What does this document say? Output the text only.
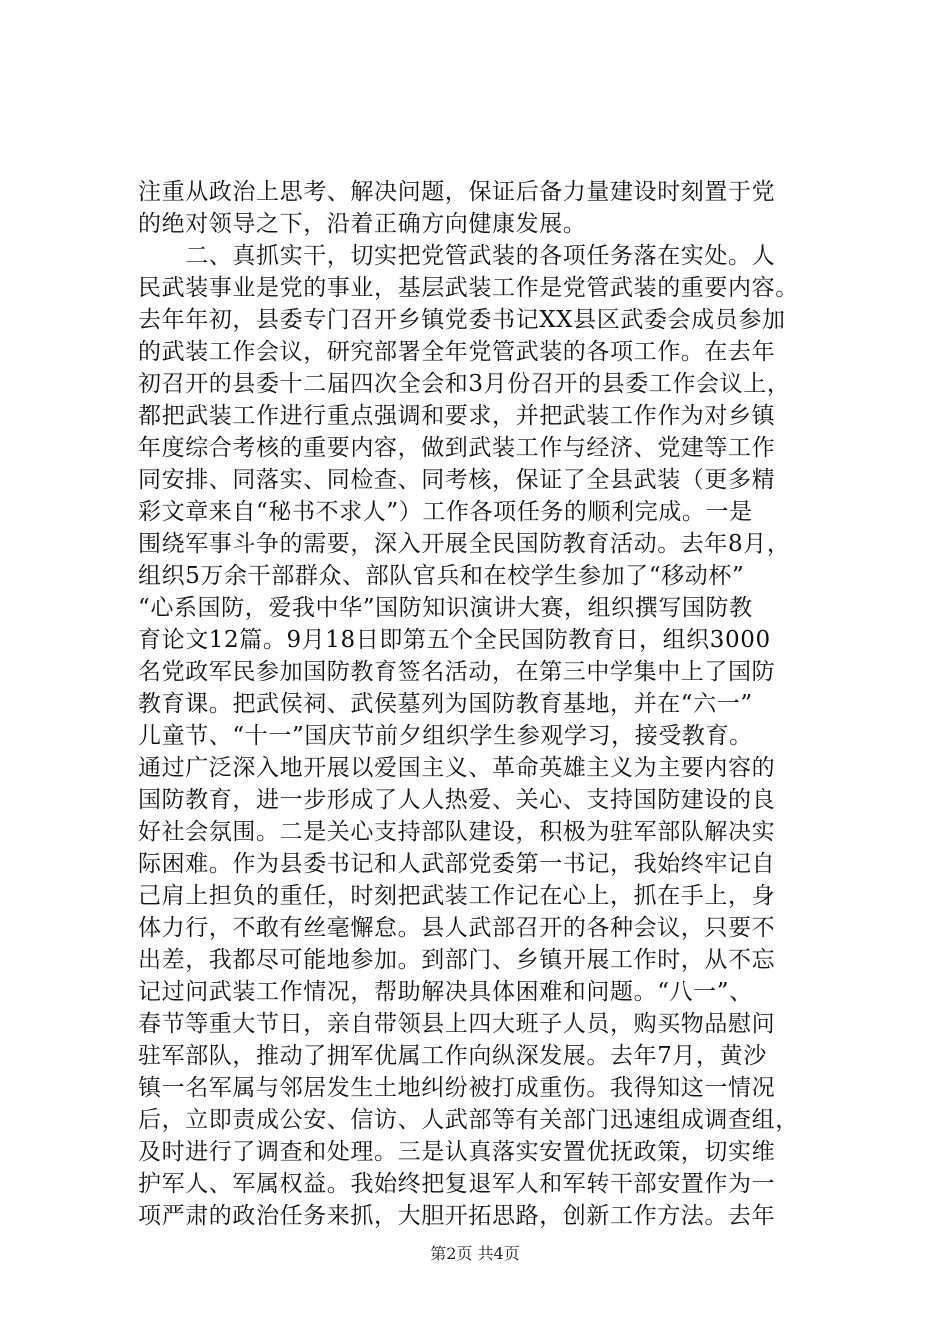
注重从政治上思考、解决问题，保证后备力量建设时刻置于党
的绝对领导之下，沿着正确方向健康发展。
　　二、真抓实干，切实把党管武装的各项任务落在实处。人
民武装事业是党的事业，基层武装工作是党管武装的重要内容。
去年年初，县委专门召开乡镇党委书记XX县区武委会成员参加
的武装工作会议，研究部署全年党管武装的各项工作。在去年
初召开的县委十二届四次全会和3月份召开的县委工作会议上，
都把武装工作进行重点强调和要求，并把武装工作作为对乡镇
年度综合考核的重要内容，做到武装工作与经济、党建等工作
同安排、同落实、同检查、同考核，保证了全县武装（更多精
彩文章来自“秘书不求人”）工作各项任务的顺利完成。一是
围绕军事斗争的需要，深入开展全民国防教育活动。去年8月，
组织5万余干部群众、部队官兵和在校学生参加了“移动杯”
“心系国防，爱我中华”国防知识演讲大赛，组织撰写国防教
育论文12篇。9月18日即第五个全民国防教育日，组织3000
名党政军民参加国防教育签名活动，在第三中学集中上了国防
教育课。把武侯祠、武侯墓列为国防教育基地，并在“六一”
儿童节、“十一”国庆节前夕组织学生参观学习，接受教育。
通过广泛深入地开展以爱国主义、革命英雄主义为主要内容的
国防教育，进一步形成了人人热爱、关心、支持国防建设的良
好社会氛围。二是关心支持部队建设，积极为驻军部队解决实
际困难。作为县委书记和人武部党委第一书记，我始终牢记自
己肩上担负的重任，时刻把武装工作记在心上，抓在手上，身
体力行，不敢有丝毫懈怠。县人武部召开的各种会议，只要不
出差，我都尽可能地参加。到部门、乡镇开展工作时，从不忘
记过问武装工作情况，帮助解决具体困难和问题。“八一”、
春节等重大节日，亲自带领县上四大班子人员，购买物品慰问
驻军部队，推动了拥军优属工作向纵深发展。去年7月，黄沙
镇一名军属与邻居发生土地纠纷被打成重伤。我得知这一情况
后，立即责成公安、信访、人武部等有关部门迅速组成调查组，
及时进行了调查和处理。三是认真落实安置优抚政策，切实维
护军人、军属权益。我始终把复退军人和军转干部安置作为一
项严肃的政治任务来抓，大胆开拓思路，创新工作方法。去年
第2页 共4页
